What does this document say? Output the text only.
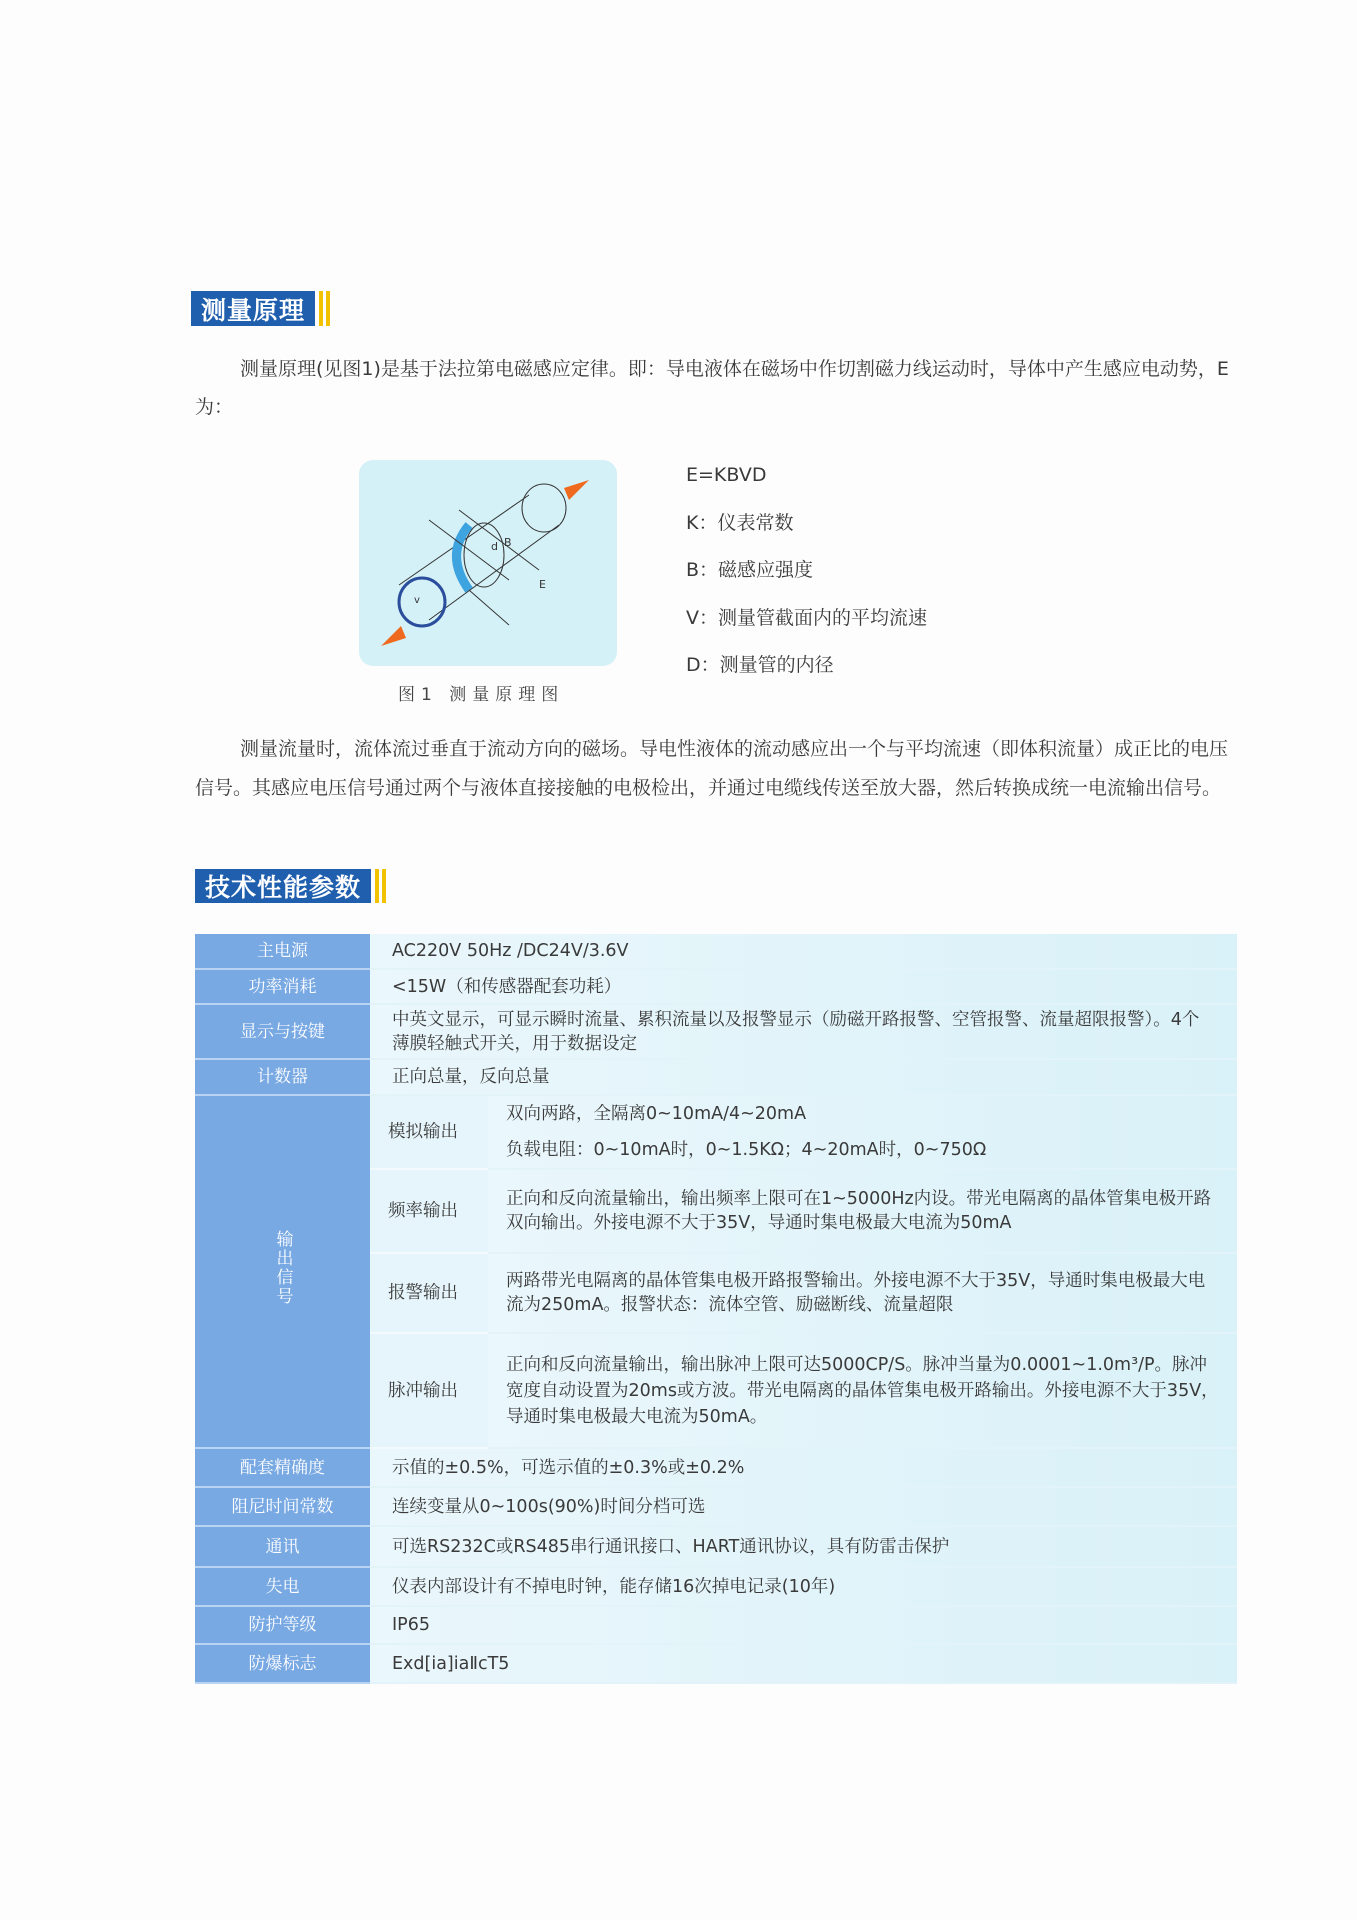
测量原理
测量原理(见图1)是基于法拉第电磁感应定律。即：导电液体在磁场中作切割磁力线运动时，导体中产生感应电动势，E为：
d B
E
v
图1 测量原理图
E=KBVD
K：仪表常数
B：磁感应强度
V：测量管截面内的平均流速
D：测量管的内径
测量流量时，流体流过垂直于流动方向的磁场。导电性液体的流动感应出一个与平均流速（即体积流量）成正比的电压信号。其感应电压信号通过两个与液体直接接触的电极检出，并通过电缆线传送至放大器，然后转换成统一电流输出信号。
技术性能参数
主电源	AC220V 50Hz /DC24V/3.6V	
功率消耗	<15W（和传感器配套功耗）	
显示与按键	中英文显示，可显示瞬时流量、累积流量以及报警显示（励磁开路报警、空管报警、流量超限报警）。4个薄膜轻触式开关，用于数据设定	
计数器	正向总量，反向总量	
输出信号	模拟输出	双向两路，全隔离0~10mA/4~20mA
负载电阻：0~10mA时，0~1.5KΩ；4~20mA时，0~750Ω

	频率输出	正向和反向流量输出，输出频率上限可在1~5000Hz内设。带光电隔离的晶体管集电极开路双向输出。外接电源不大于35V，导通时集电极最大电流为50mA
	报警输出	两路带光电隔离的晶体管集电极开路报警输出。外接电源不大于35V，导通时集电极最大电流为250mA。报警状态：流体空管、励磁断线、流量超限
	脉冲输出	正向和反向流量输出，输出脉冲上限可达5000CP/S。脉冲当量为0.0001~1.0m³/P。脉冲宽度自动设置为20ms或方波。带光电隔离的晶体管集电极开路输出。外接电源不大于35V，导通时集电极最大电流为50mA。
配套精确度	示值的±0.5%，可选示值的±0.3%或±0.2%	
阻尼时间常数	连续变量从0~100s(90%)时间分档可选	
通讯	可选RS232C或RS485串行通讯接口、HART通讯协议，具有防雷击保护	
失电	仪表内部设计有不掉电时钟，能存储16次掉电记录(10年)	
防护等级	IP65	
防爆标志	Exd[ia]iaⅡcT5	
